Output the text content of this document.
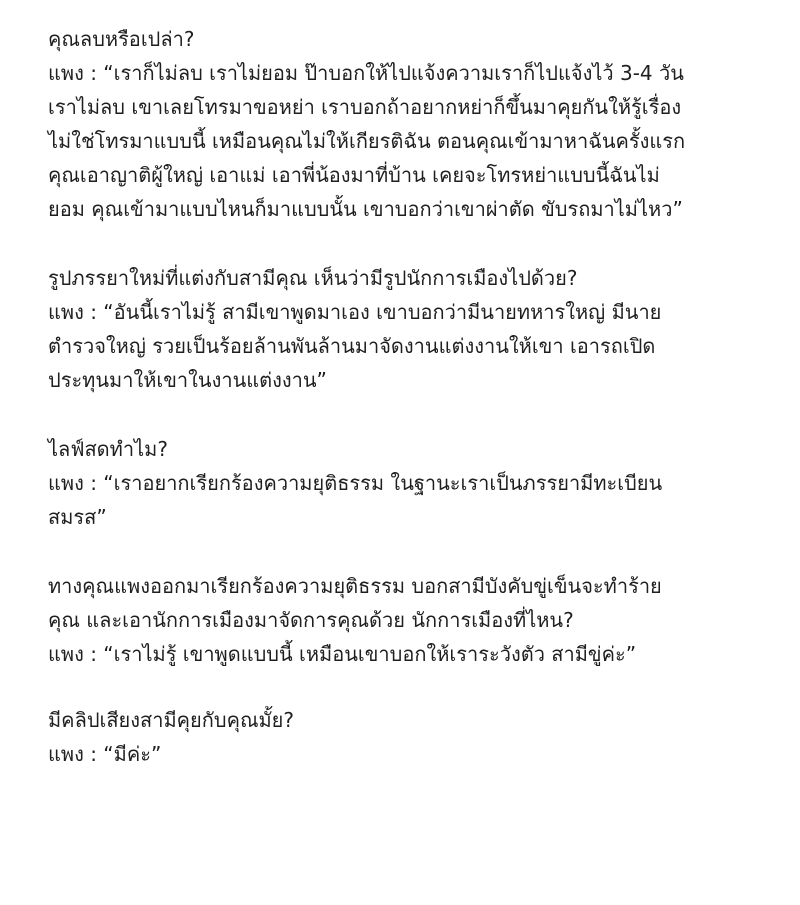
คุณลบหรือเปล่า?
แพง : “เราก็ไม่ลบ เราไม่ยอม ป๊าบอกให้ไปแจ้งความเราก็ไปแจ้งไว้ 3-4 วัน
เราไม่ลบ เขาเลยโทรมาขอหย่า เราบอกถ้าอยากหย่าก็ขึ้นมาคุยกันให้รู้เรื่อง
ไม่ใช่โทรมาแบบนี้ เหมือนคุณไม่ให้เกียรติฉัน ตอนคุณเข้ามาหาฉันครั้งแรก
คุณเอาญาติผู้ใหญ่ เอาแม่ เอาพี่น้องมาที่บ้าน เคยจะโทรหย่าแบบนี้ฉันไม่
ยอม คุณเข้ามาแบบไหนก็มาแบบนั้น เขาบอกว่าเขาผ่าตัด ขับรถมาไม่ไหว”
รูปภรรยาใหม่ที่แต่งกับสามีคุณ เห็นว่ามีรูปนักการเมืองไปด้วย?
แพง : “อันนี้เราไม่รู้ สามีเขาพูดมาเอง เขาบอกว่ามีนายทหารใหญ่ มีนาย
ตำรวจใหญ่ รวยเป็นร้อยล้านพันล้านมาจัดงานแต่งงานให้เขา เอารถเปิด
ประทุนมาให้เขาในงานแต่งงาน”
ไลฟ์สดทำไม?
แพง : “เราอยากเรียกร้องความยุติธรรม ในฐานะเราเป็นภรรยามีทะเบียน
สมรส”
ทางคุณแพงออกมาเรียกร้องความยุติธรรม บอกสามีบังคับขู่เข็นจะทำร้าย
คุณ และเอานักการเมืองมาจัดการคุณด้วย นักการเมืองที่ไหน?
แพง : “เราไม่รู้ เขาพูดแบบนี้ เหมือนเขาบอกให้เราระวังตัว สามีขู่ค่ะ”
มีคลิปเสียงสามีคุยกับคุณมั้ย?
แพง : “มีค่ะ”
